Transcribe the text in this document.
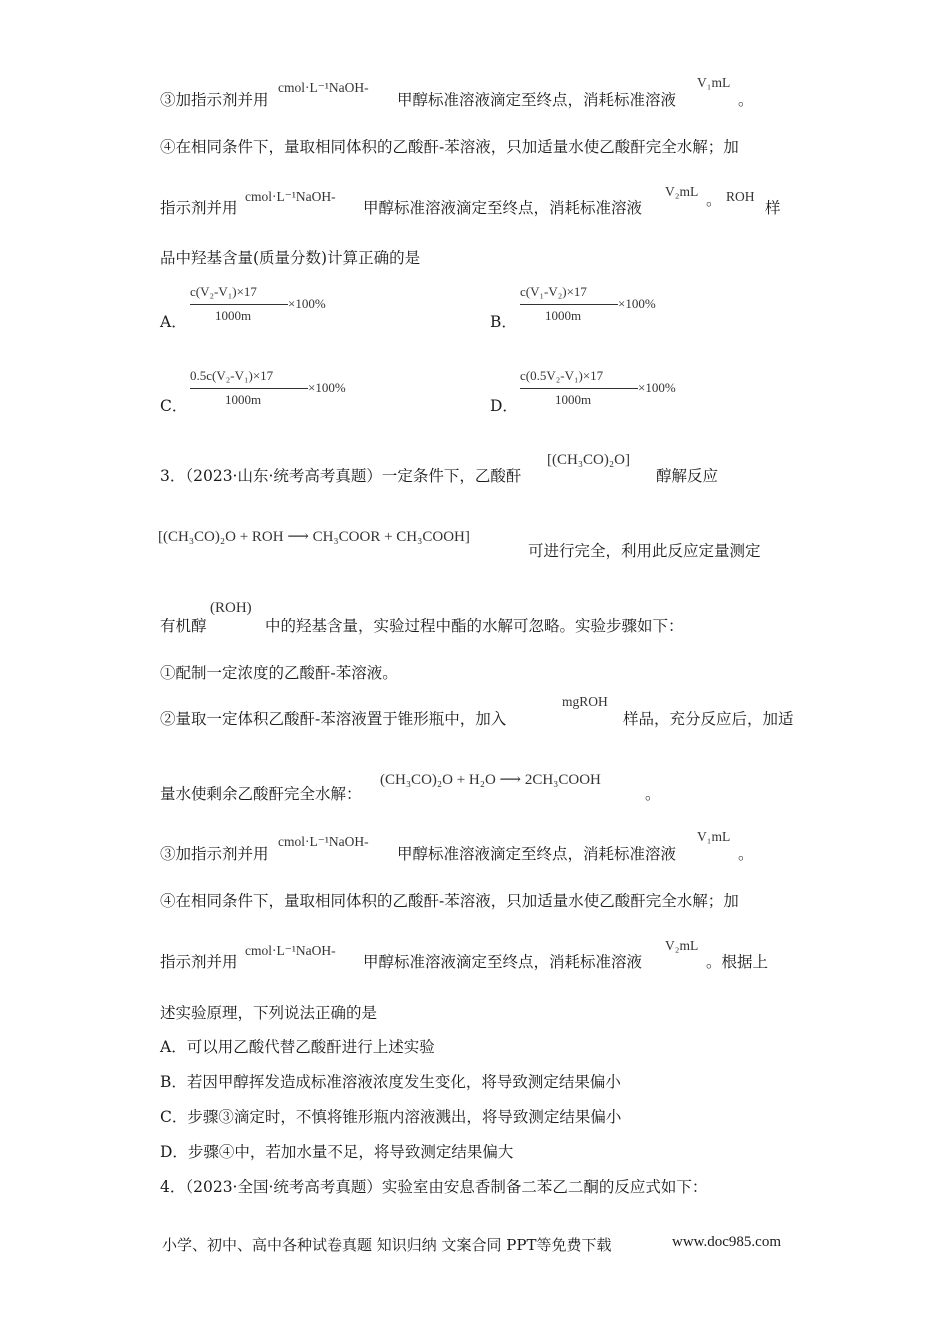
③加指示剂并用
cmol·L⁻¹NaOH-
甲醇标准溶液滴定至终点，消耗标准溶液
V₁mL
。
④在相同条件下，量取相同体积的乙酸酐-苯溶液，只加适量水使乙酸酐完全水解；加
指示剂并用
cmol·L⁻¹NaOH-
甲醇标准溶液滴定至终点，消耗标准溶液
V₂mL 。 ROH
样
品中羟基含量(质量分数)计算正确的是
A．
c(V₂-V₁)×17
1000m
×100%
B．
c(V₁-V₂)×17
1000m
×100%
C．
0.5c(V₂-V₁)×17
1000m
×100%
D．
c(0.5V₂-V₁)×17
1000m
×100%
3．（2023·山东·统考高考真题）一定条件下，乙酸酐
[(CH₃CO)₂O]
醇解反应
[(CH₃CO)₂O + ROH ⟶ CH₃COOR + CH₃COOH]
可进行完全，利用此反应定量测定
有机醇
(ROH)
中的羟基含量，实验过程中酯的水解可忽略。实验步骤如下：
①配制一定浓度的乙酸酐-苯溶液。
②量取一定体积乙酸酐-苯溶液置于锥形瓶中，加入
mgROH
样品，充分反应后，加适
量水使剩余乙酸酐完全水解：
(CH₃CO)₂O + H₂O ⟶ 2CH₃COOH
。
③加指示剂并用
cmol·L⁻¹NaOH-
甲醇标准溶液滴定至终点，消耗标准溶液
V₁mL
。
④在相同条件下，量取相同体积的乙酸酐-苯溶液，只加适量水使乙酸酐完全水解；加
指示剂并用
cmol·L⁻¹NaOH-
甲醇标准溶液滴定至终点，消耗标准溶液
V₂mL
。根据上
述实验原理，下列说法正确的是
A．可以用乙酸代替乙酸酐进行上述实验
B．若因甲醇挥发造成标准溶液浓度发生变化，将导致测定结果偏小
C．步骤③滴定时，不慎将锥形瓶内溶液溅出，将导致测定结果偏小
D．步骤④中，若加水量不足，将导致测定结果偏大
4．（2023·全国·统考高考真题）实验室由安息香制备二苯乙二酮的反应式如下：
小学、初中、高中各种试卷真题 知识归纳 文案合同 PPT等免费下载	www.doc985.com
